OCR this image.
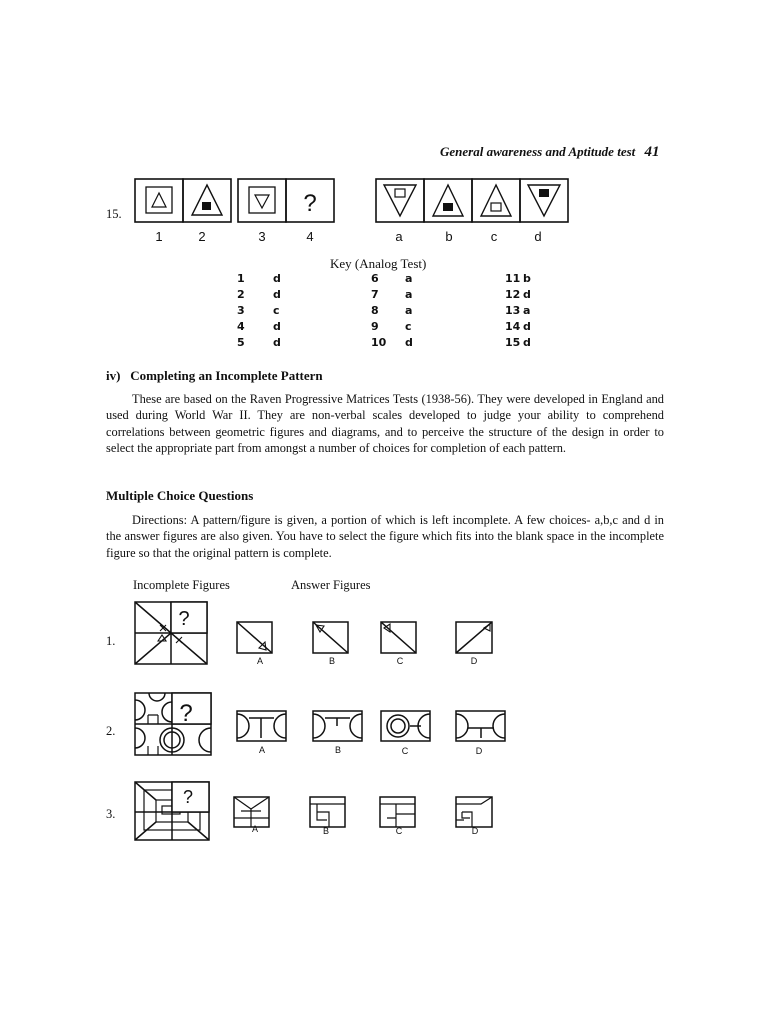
General awareness and Aptitude test 41
15.	?
1	2	3	4	a	b	c	d
Key (Analog Test)
1	d
2	d
3	c
4	d
5	d
6 a
7 a
8 a
9 c
10 d
11 b
12 d
13 a
14 d
15 d
iv)   Completing an Incomplete Pattern

These are based on the Raven Progressive Matrices Tests (1938-56). They were developed in England and used during World War II. They are non-verbal scales developed to judge your ability to comprehend correlations between geometric figures and diagrams, and to perceive the structure of the design in order to select the appropriate part from amongst a number of choices for completion of each pattern.

Multiple Choice Questions

Directions: A pattern/figure is given, a portion of which is left incomplete. A few choices- a,b,c and d in the answer figures are also given. You have to select the figure which fits into the blank space in the incomplete figure so that the original pattern is complete.

Incomplete Figures	Answer Figures
1.
2.
3.
?
A	B	C	D
?
A	B	C	D
?
A	B	C	D
